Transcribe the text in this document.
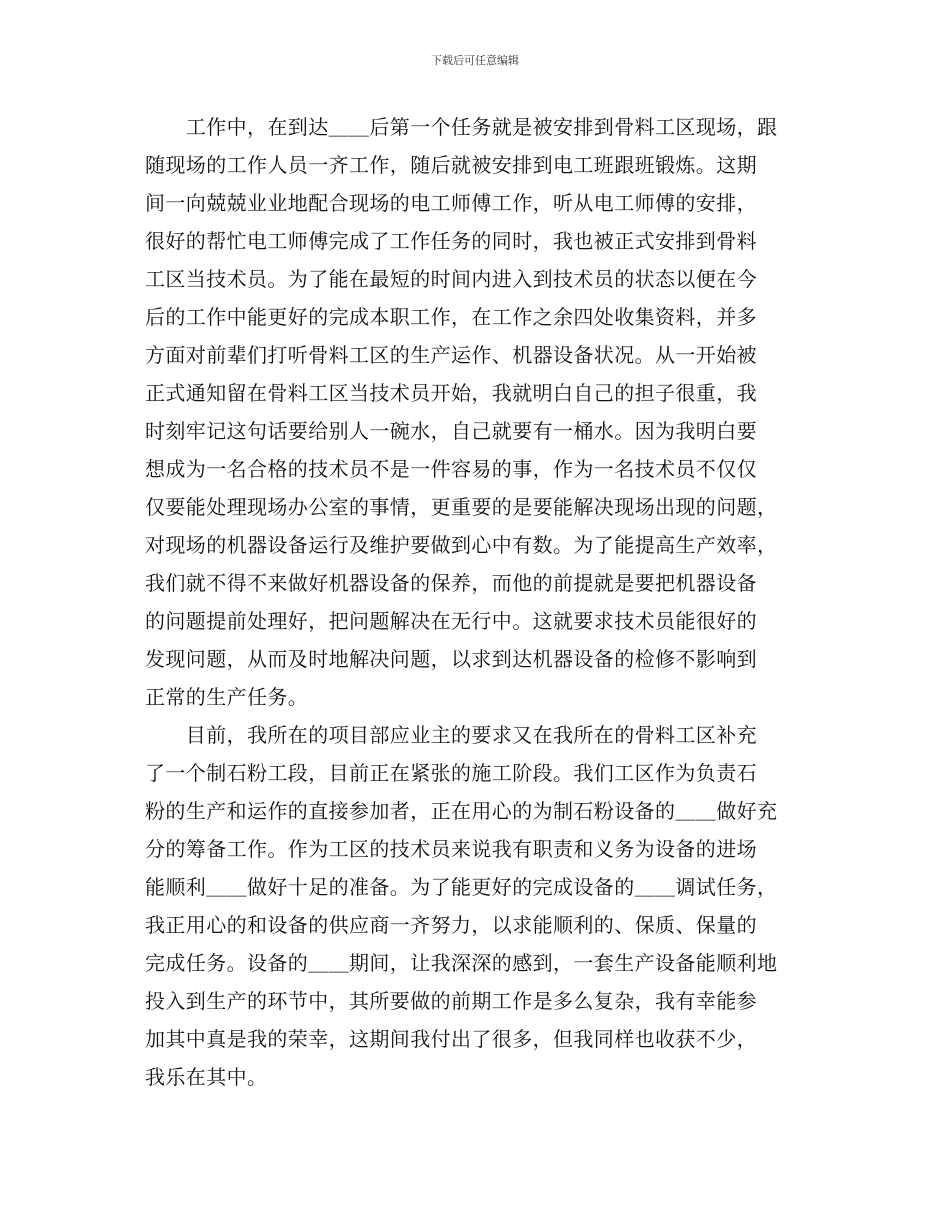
下载后可任意编辑
　　工作中，在到达＿＿后第一个任务就是被安排到骨料工区现场，跟
随现场的工作人员一齐工作，随后就被安排到电工班跟班锻炼。这期
间一向兢兢业业地配合现场的电工师傅工作，听从电工师傅的安排，
很好的帮忙电工师傅完成了工作任务的同时，我也被正式安排到骨料
工区当技术员。为了能在最短的时间内进入到技术员的状态以便在今
后的工作中能更好的完成本职工作，在工作之余四处收集资料，并多
方面对前辈们打听骨料工区的生产运作、机器设备状况。从一开始被
正式通知留在骨料工区当技术员开始，我就明白自己的担子很重，我
时刻牢记这句话要给别人一碗水，自己就要有一桶水。因为我明白要
想成为一名合格的技术员不是一件容易的事，作为一名技术员不仅仅
仅要能处理现场办公室的事情，更重要的是要能解决现场出现的问题，
对现场的机器设备运行及维护要做到心中有数。为了能提高生产效率，
我们就不得不来做好机器设备的保养，而他的前提就是要把机器设备
的问题提前处理好，把问题解决在无行中。这就要求技术员能很好的
发现问题，从而及时地解决问题，以求到达机器设备的检修不影响到
正常的生产任务。
　　目前，我所在的项目部应业主的要求又在我所在的骨料工区补充
了一个制石粉工段，目前正在紧张的施工阶段。我们工区作为负责石
粉的生产和运作的直接参加者，正在用心的为制石粉设备的＿＿做好充
分的筹备工作。作为工区的技术员来说我有职责和义务为设备的进场
能顺利＿＿做好十足的准备。为了能更好的完成设备的＿＿调试任务，
我正用心的和设备的供应商一齐努力，以求能顺利的、保质、保量的
完成任务。设备的＿＿期间，让我深深的感到，一套生产设备能顺利地
投入到生产的环节中，其所要做的前期工作是多么复杂，我有幸能参
加其中真是我的荣幸，这期间我付出了很多，但我同样也收获不少，
我乐在其中。
